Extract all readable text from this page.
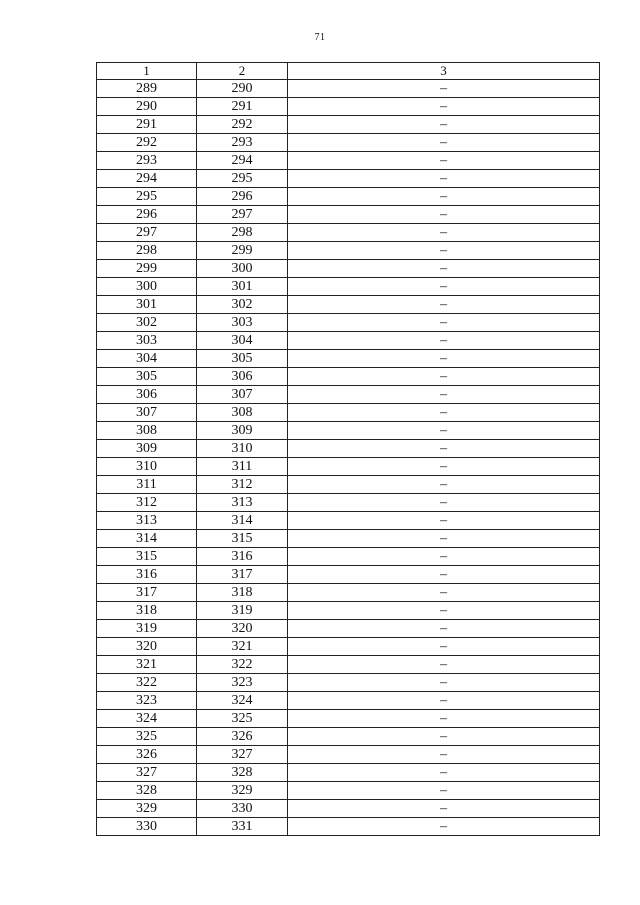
71
1	2	3
289	290	–
290	291	–
291	292	–
292	293	–
293	294	–
294	295	–
295	296	–
296	297	–
297	298	–
298	299	–
299	300	–
300	301	–
301	302	–
302	303	–
303	304	–
304	305	–
305	306	–
306	307	–
307	308	–
308	309	–
309	310	–
310	311	–
311	312	–
312	313	–
313	314	–
314	315	–
315	316	–
316	317	–
317	318	–
318	319	–
319	320	–
320	321	–
321	322	–
322	323	–
323	324	–
324	325	–
325	326	–
326	327	–
327	328	–
328	329	–
329	330	–
330	331	–
